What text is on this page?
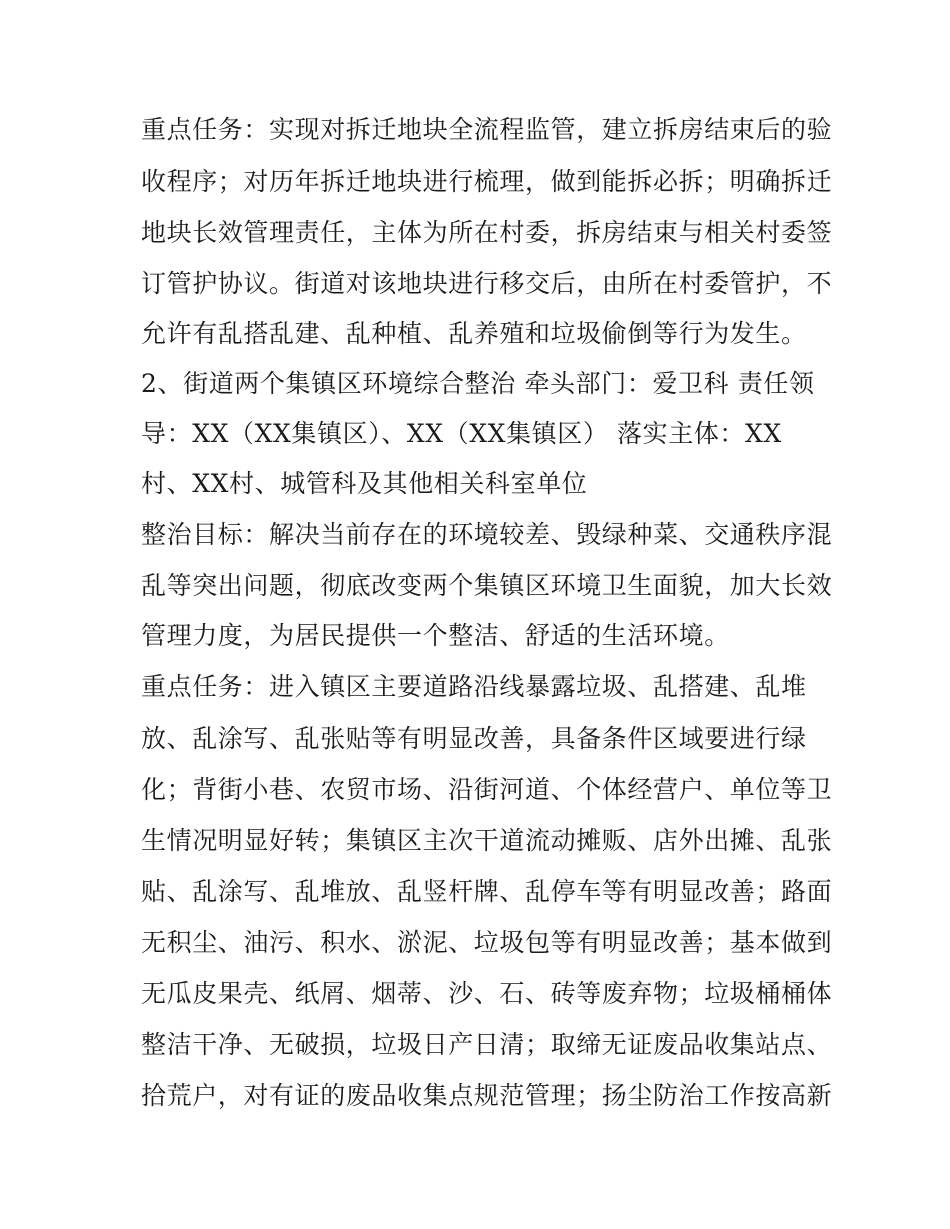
重点任务：实现对拆迁地块全流程监管，建立拆房结束后的验
收程序；对历年拆迁地块进行梳理，做到能拆必拆；明确拆迁
地块长效管理责任，主体为所在村委，拆房结束与相关村委签
订管护协议。街道对该地块进行移交后，由所在村委管护，不
允许有乱搭乱建、乱种植、乱养殖和垃圾偷倒等行为发生。
2、街道两个集镇区环境综合整治 牵头部门：爱卫科 责任领
导：XX（XX集镇区）、XX（XX集镇区） 落实主体：XX
村、XX村、城管科及其他相关科室单位
整治目标：解决当前存在的环境较差、毁绿种菜、交通秩序混
乱等突出问题，彻底改变两个集镇区环境卫生面貌，加大长效
管理力度，为居民提供一个整洁、舒适的生活环境。
重点任务：进入镇区主要道路沿线暴露垃圾、乱搭建、乱堆
放、乱涂写、乱张贴等有明显改善，具备条件区域要进行绿
化；背街小巷、农贸市场、沿街河道、个体经营户、单位等卫
生情况明显好转；集镇区主次干道流动摊贩、店外出摊、乱张
贴、乱涂写、乱堆放、乱竖杆牌、乱停车等有明显改善；路面
无积尘、油污、积水、淤泥、垃圾包等有明显改善；基本做到
无瓜皮果壳、纸屑、烟蒂、沙、石、砖等废弃物；垃圾桶桶体
整洁干净、无破损，垃圾日产日清；取缔无证废品收集站点、
拾荒户，对有证的废品收集点规范管理；扬尘防治工作按高新
